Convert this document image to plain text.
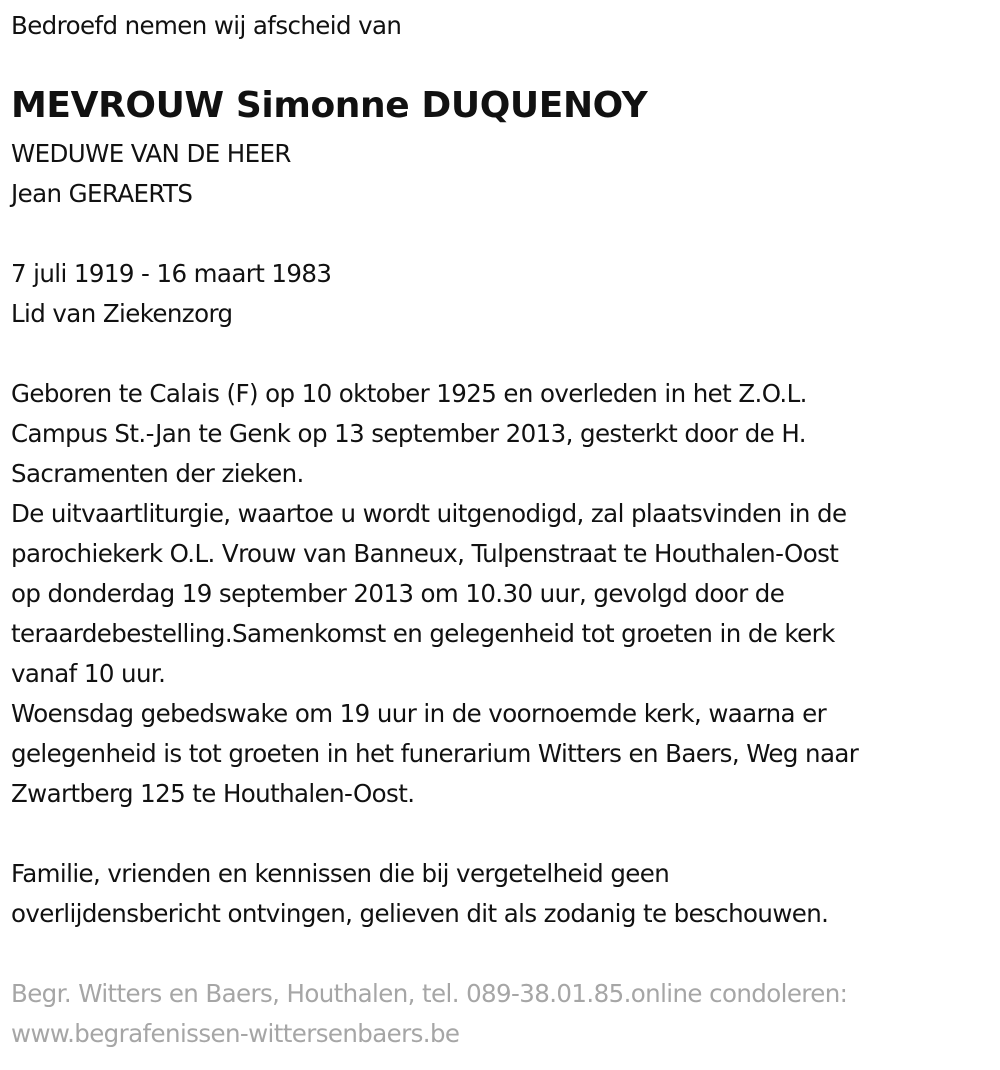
Bedroefd nemen wij afscheid van
MEVROUW Simonne DUQUENOY
WEDUWE VAN DE HEER
Jean GERAERTS
7 juli 1919 - 16 maart 1983
Lid van Ziekenzorg
Geboren te Calais (F) op 10 oktober 1925 en overleden in het Z.O.L.
Campus St.-Jan te Genk op 13 september 2013, gesterkt door de H.
Sacramenten der zieken.
De uitvaartliturgie, waartoe u wordt uitgenodigd, zal plaatsvinden in de
parochiekerk O.L. Vrouw van Banneux, Tulpenstraat te Houthalen-Oost
op donderdag 19 september 2013 om 10.30 uur, gevolgd door de
teraardebestelling.Samenkomst en gelegenheid tot groeten in de kerk
vanaf 10 uur.
Woensdag gebedswake om 19 uur in de voornoemde kerk, waarna er
gelegenheid is tot groeten in het funerarium Witters en Baers, Weg naar
Zwartberg 125 te Houthalen-Oost.
Familie, vrienden en kennissen die bij vergetelheid geen
overlijdensbericht ontvingen, gelieven dit als zodanig te beschouwen.
Begr. Witters en Baers, Houthalen, tel. 089-38.01.85.online condoleren:
www.begrafenissen-wittersenbaers.be
